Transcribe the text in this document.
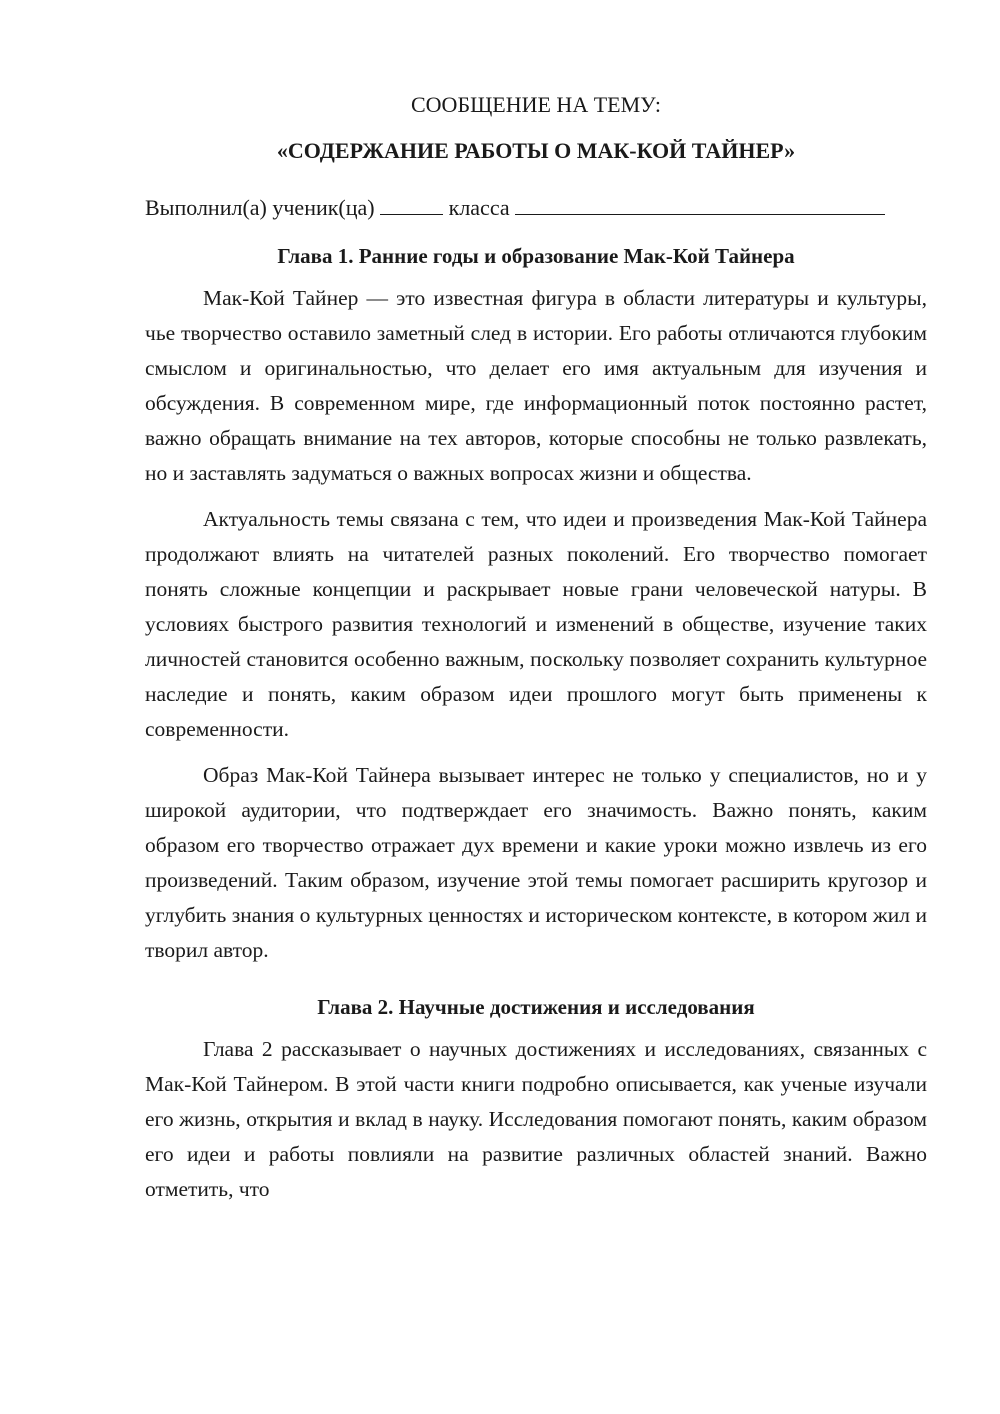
СООБЩЕНИЕ НА ТЕМУ:

«СОДЕРЖАНИЕ РАБОТЫ О МАК-КОЙ ТАЙНЕР»

Выполнил(а) ученик(ца)	класса

Глава 1. Ранние годы и образование Мак-Кой Тайнера

Мак-Кой Тайнер — это известная фигура в области литературы и культуры, чье творчество оставило заметный след в истории. Его работы отличаются глубоким смыслом и оригинальностью, что делает его имя актуальным для изучения и обсуждения. В современном мире, где информационный поток постоянно растет, важно обращать внимание на тех авторов, которые способны не только развлекать, но и заставлять задуматься о важных вопросах жизни и общества.

Актуальность темы связана с тем, что идеи и произведения Мак-Кой Тайнера продолжают влиять на читателей разных поколений. Его творчество помогает понять сложные концепции и раскрывает новые грани человеческой натуры. В условиях быстрого развития технологий и изменений в обществе, изучение таких личностей становится особенно важным, поскольку позволяет сохранить культурное наследие и понять, каким образом идеи прошлого могут быть применены к современности.

Образ Мак-Кой Тайнера вызывает интерес не только у специалистов, но и у широкой аудитории, что подтверждает его значимость. Важно понять, каким образом его творчество отражает дух времени и какие уроки можно извлечь из его произведений. Таким образом, изучение этой темы помогает расширить кругозор и углубить знания о культурных ценностях и историческом контексте, в котором жил и творил автор.

Глава 2. Научные достижения и исследования

Глава 2 рассказывает о научных достижениях и исследованиях, связанных с Мак-Кой Тайнером. В этой части книги подробно описывается, как ученые изучали его жизнь, открытия и вклад в науку. Исследования помогают понять, каким образом его идеи и работы повлияли на развитие различных областей знаний. Важно отметить, что
